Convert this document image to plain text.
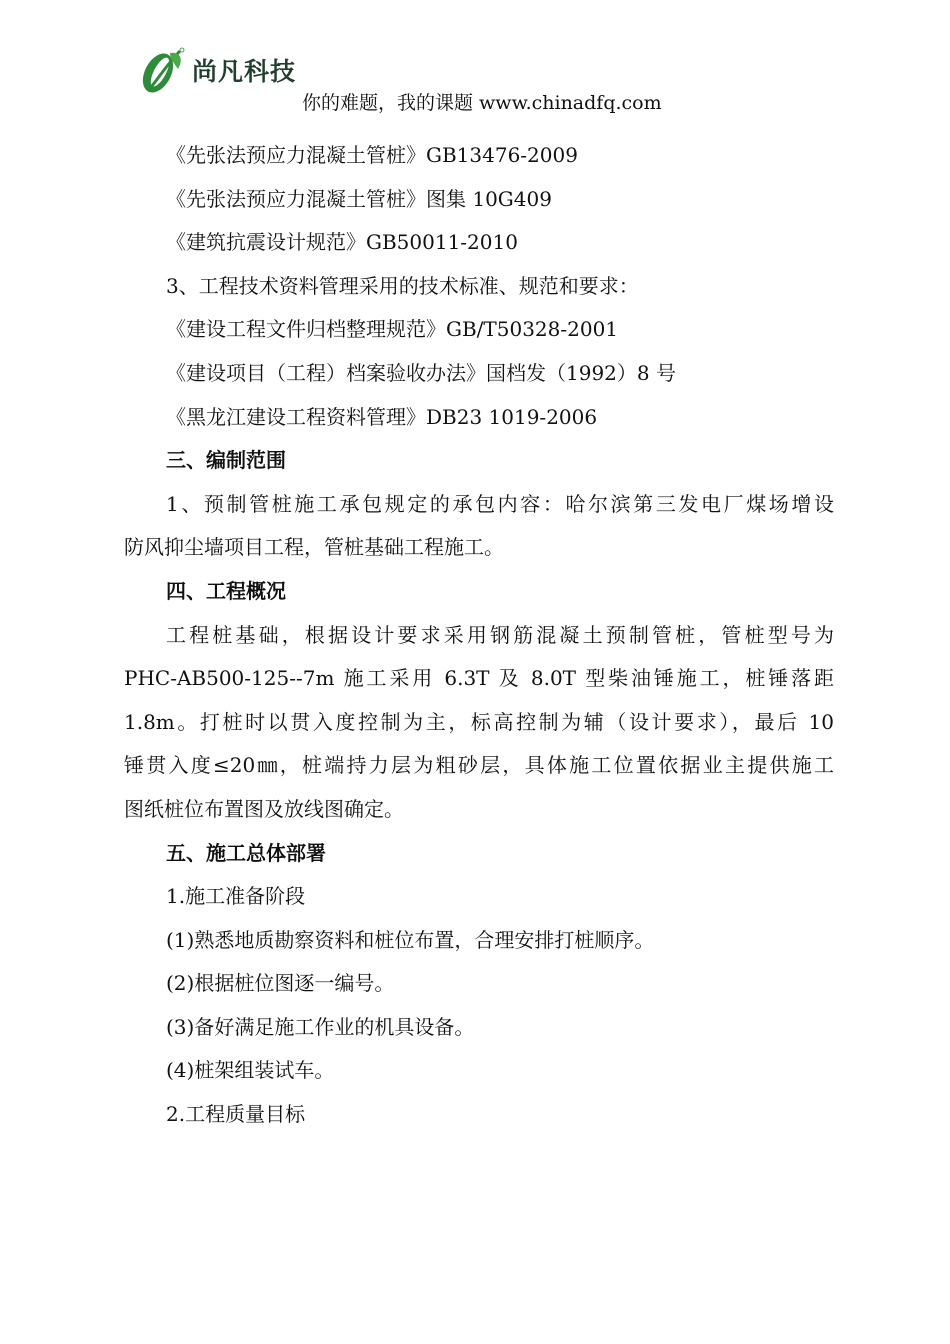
尚凡科技
你的难题，我的课题 www.chinadfq.com
《先张法预应力混凝土管桩》GB13476-2009
《先张法预应力混凝土管桩》图集 10G409
《建筑抗震设计规范》GB50011-2010
3、工程技术资料管理采用的技术标准、规范和要求：
《建设工程文件归档整理规范》GB/T50328-2001
《建设项目（工程）档案验收办法》国档发（1992）8 号
《黑龙江建设工程资料管理》DB23 1019-2006
三、编制范围
1、预制管桩施工承包规定的承包内容：哈尔滨第三发电厂煤场增设
防风抑尘墙项目工程，管桩基础工程施工。
四、工程概况
工程桩基础，根据设计要求采用钢筋混凝土预制管桩，管桩型号为
PHC-AB500-125--7m 施工采用 6.3T 及 8.0T 型柴油锤施工，桩锤落距
1.8m。打桩时以贯入度控制为主，标高控制为辅（设计要求），最后 10
锤贯入度≤20㎜，桩端持力层为粗砂层，具体施工位置依据业主提供施工
图纸桩位布置图及放线图确定。
五、施工总体部署
1.施工准备阶段
(1)熟悉地质勘察资料和桩位布置，合理安排打桩顺序。
(2)根据桩位图逐一编号。
(3)备好满足施工作业的机具设备。
(4)桩架组装试车。
2.工程质量目标
